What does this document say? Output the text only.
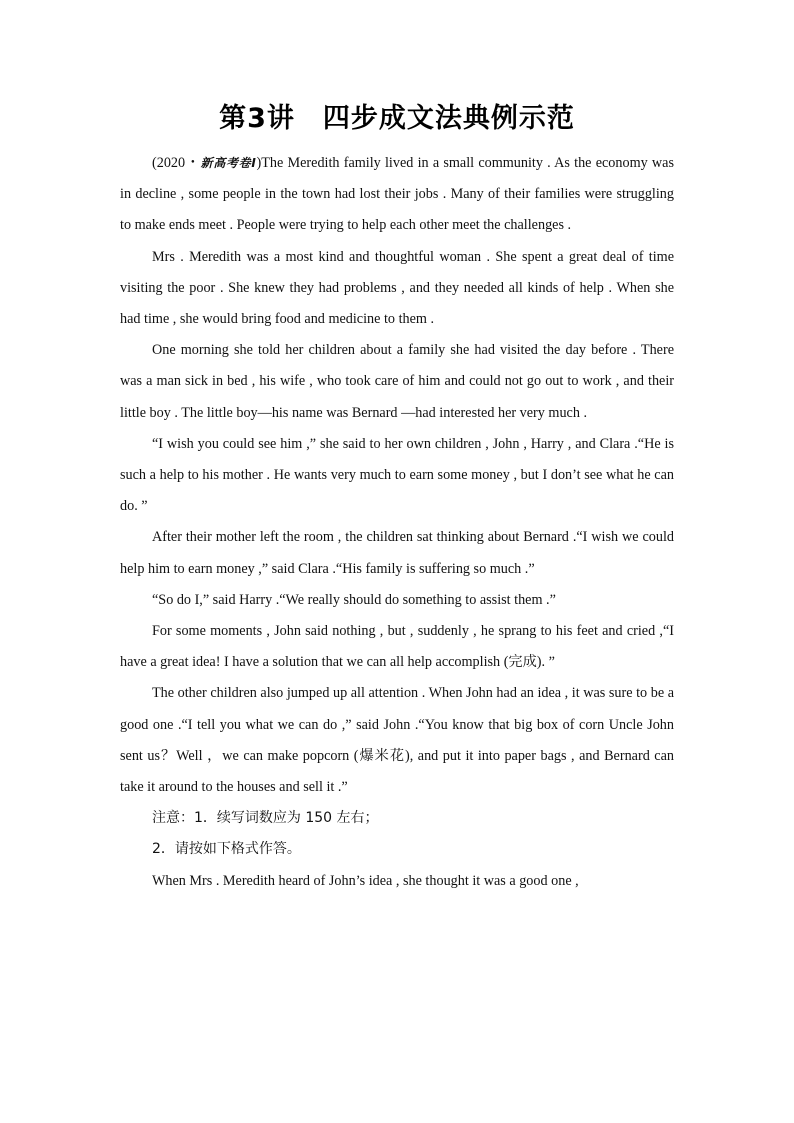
第3讲　四步成文法典例示范

(2020・新高考卷Ⅰ)The Meredith family lived in a small community . As the economy was in decline , some people in the town had lost their jobs . Many of their families were struggling to make ends meet . People were trying to help each other meet the challenges .

Mrs . Meredith was a most kind and thoughtful woman . She spent a great deal of time visiting the poor . She knew they had problems , and they needed all kinds of help . When she had time , she would bring food and medicine to them .

One morning she told her children about a family she had visited the day before . There was a man sick in bed , his wife , who took care of him and could not go out to work , and their little boy . The little boy—his name was Bernard —had interested her very much .

“I wish you could see him ,” she said to her own children , John , Harry , and Clara .“He is such a help to his mother . He wants very much to earn some money , but I don’t see what he can do. ”

After their mother left the room , the children sat thinking about Bernard .“I wish we could help him to earn money ,” said Clara .“His family is suffering so much .”

“So do I,” said Harry .“We really should do something to assist them .”

For some moments , John said nothing , but , suddenly , he sprang to his feet and cried ,“I have a great idea! I have a solution that we can all help accomplish (完成). ”

The other children also jumped up all attention . When John had an idea , it was sure to be a good one .“I tell you what we can do ,” said John .“You know that big box of corn Uncle John sent us？Well ，we can make popcorn (爆米花), and put it into paper bags , and Bernard can take it around to the houses and sell it .”

注意：1．续写词数应为 150 左右；

2．请按如下格式作答。

When Mrs . Meredith heard of John’s idea , she thought it was a good one ,
